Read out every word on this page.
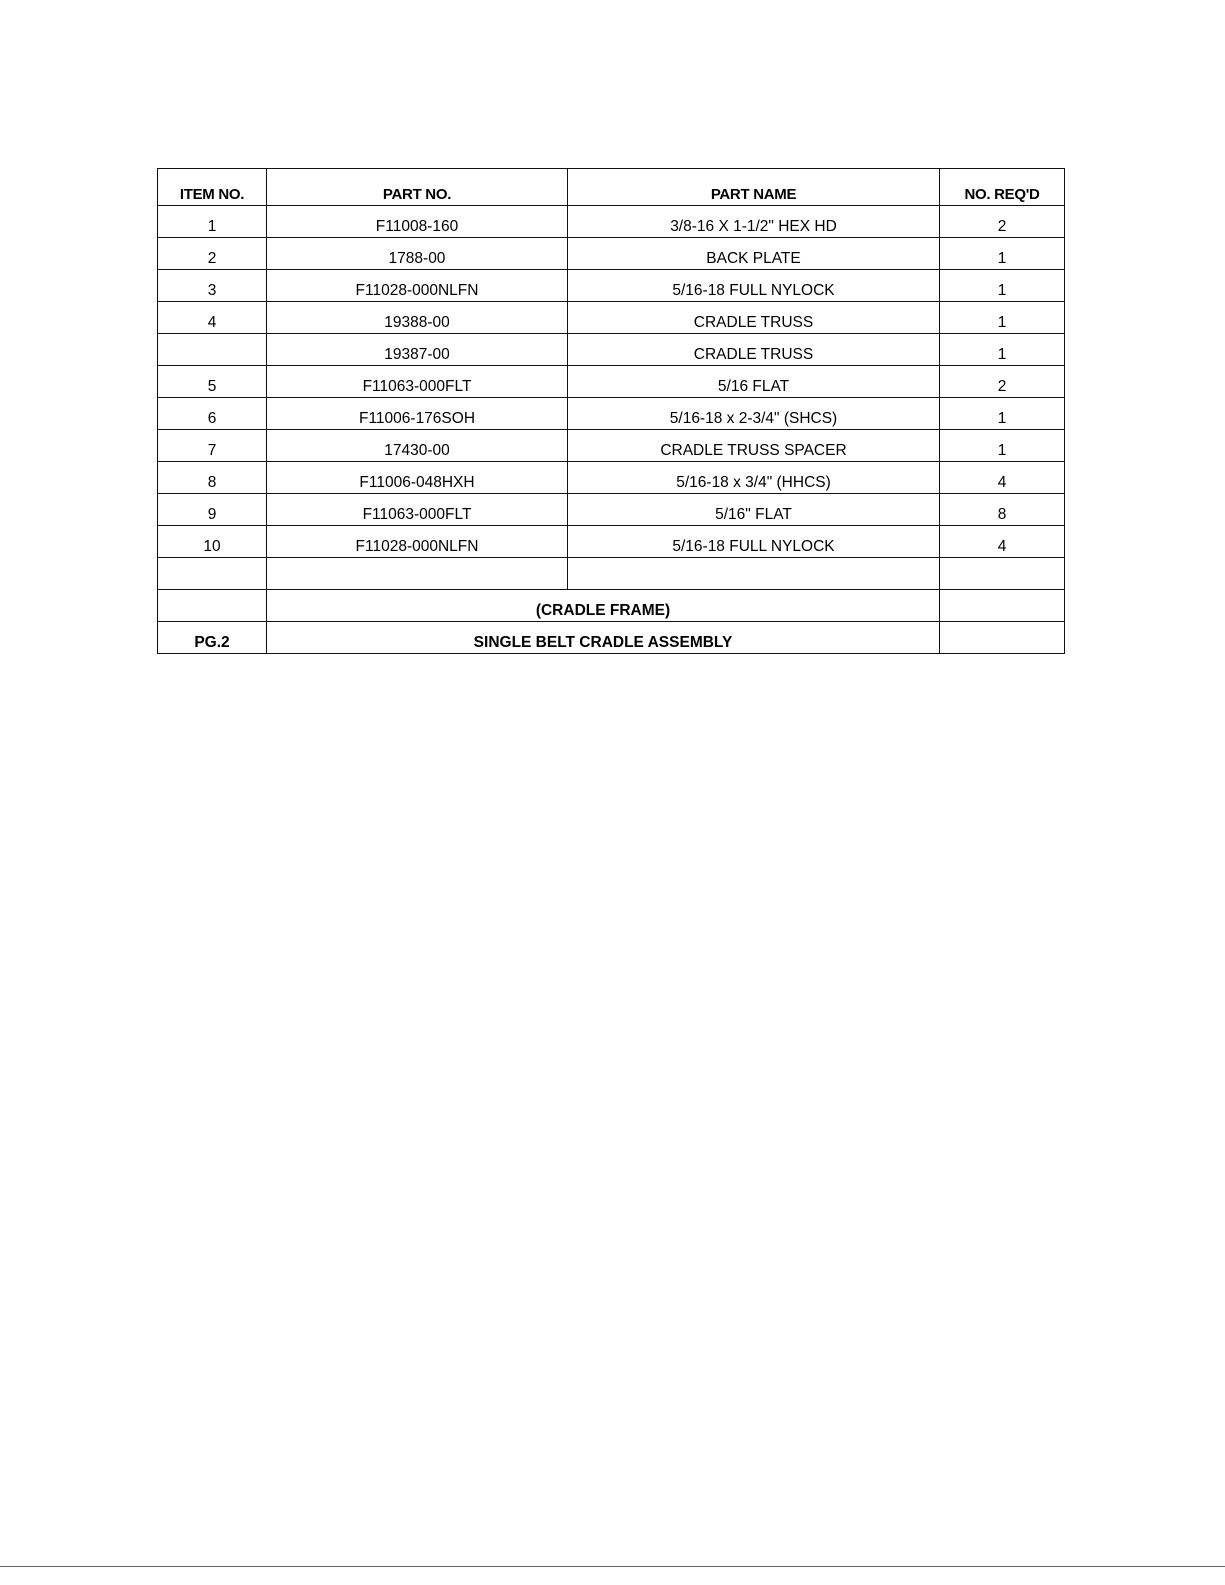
ITEM NO.	PART NO.	PART NAME	NO. REQ'D
1	F11008-160	3/8-16 X 1-1/2" HEX HD	2
2	1788-00	BACK PLATE	1
3	F11028-000NLFN	5/16-18 FULL NYLOCK	1
4	19388-00	CRADLE TRUSS	1
	19387-00	CRADLE TRUSS	1
5	F11063-000FLT	5/16 FLAT	2
6	F11006-176SOH	5/16-18 x 2-3/4" (SHCS)	1
7	17430-00	CRADLE TRUSS SPACER	1
8	F11006-048HXH	5/16-18 x 3/4" (HHCS)	4
9	F11063-000FLT	5/16" FLAT	8
10	F11028-000NLFN	5/16-18 FULL NYLOCK	4

	(CRADLE FRAME)		
PG.2	SINGLE BELT CRADLE ASSEMBLY		
